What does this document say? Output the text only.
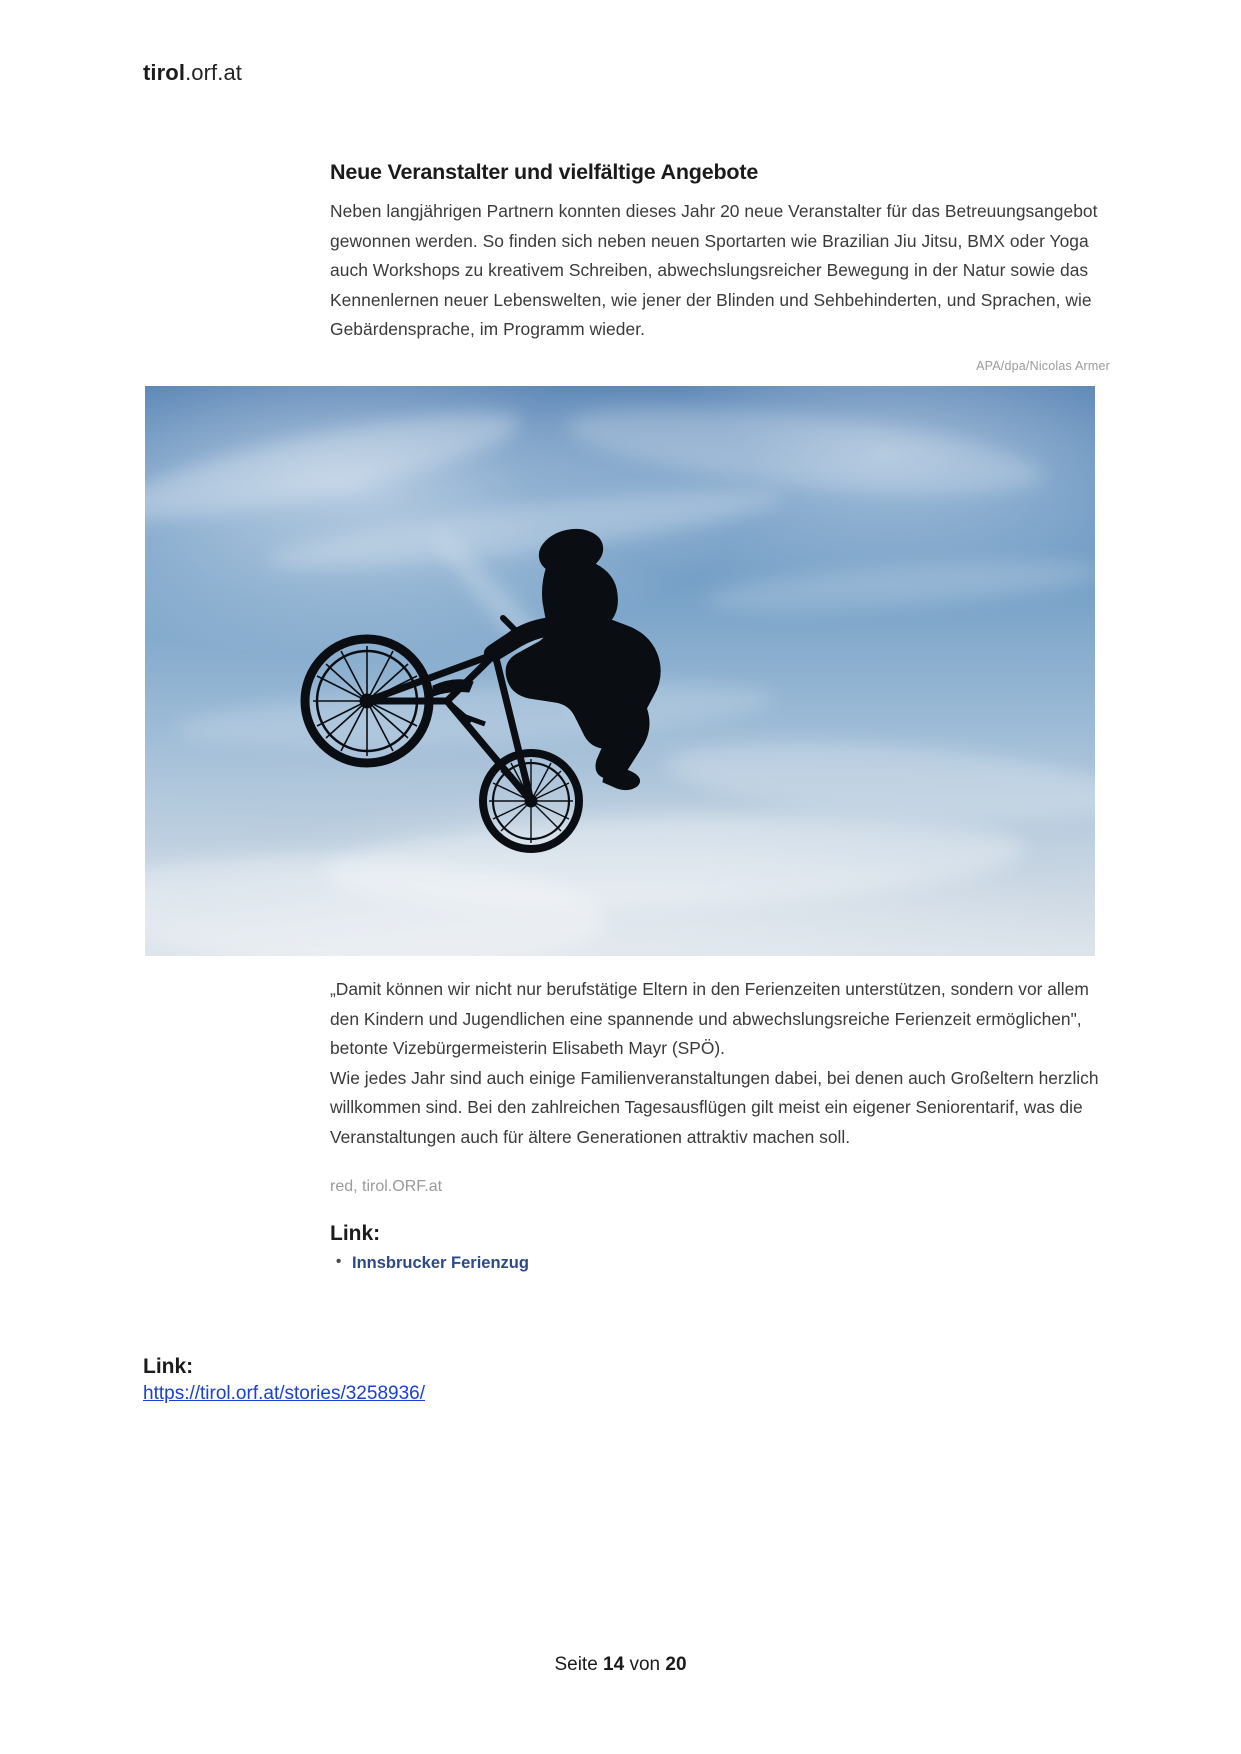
tirol.orf.at
Neue Veranstalter und vielfältige Angebote

Neben langjährigen Partnern konnten dieses Jahr 20 neue Veranstalter für das Betreuungsangebot gewonnen werden. So finden sich neben neuen Sportarten wie Brazilian Jiu Jitsu, BMX oder Yoga auch Workshops zu kreativem Schreiben, abwechslungsreicher Bewegung in der Natur sowie das Kennenlernen neuer Lebenswelten, wie jener der Blinden und Sehbehinderten, und Sprachen, wie Gebärdensprache, im Programm wieder.

APA/dpa/Nicolas Armer

„Damit können wir nicht nur berufstätige Eltern in den Ferienzeiten unterstützen, sondern vor allem den Kindern und Jugendlichen eine spannende und abwechslungsreiche Ferienzeit ermöglichen", betonte Vizebürgermeisterin Elisabeth Mayr (SPÖ).

Wie jedes Jahr sind auch einige Familienveranstaltungen dabei, bei denen auch Großeltern herzlich willkommen sind. Bei den zahlreichen Tagesausflügen gilt meist ein eigener Seniorentarif, was die Veranstaltungen auch für ältere Generationen attraktiv machen soll.

red, tirol.ORF.at
Link:
• Innsbrucker Ferienzug
Link:
https://tirol.orf.at/stories/3258936/
Seite 14 von 20
